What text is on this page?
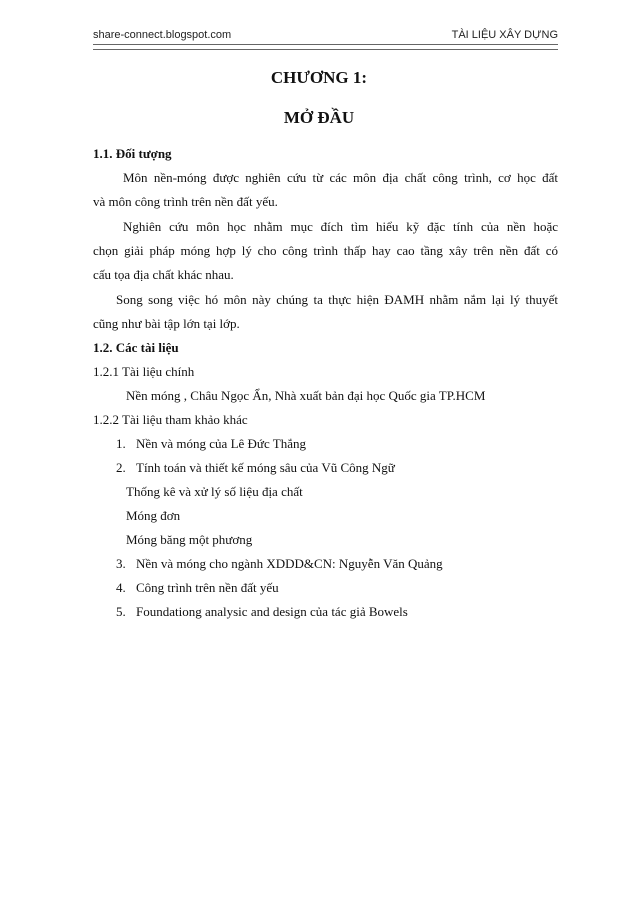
share-connect.blogspot.com	TÀI LIỆU XÂY DỰNG
CHƯƠNG 1:
MỞ ĐẦU
1.1. Đối tượng
Môn nền-móng được nghiên cứu từ các môn địa chất công trình, cơ học đất
và môn công trình trên nền đất yếu.
Nghiên cứu môn học nhằm mục đích tìm hiểu kỹ đặc tính của nền hoặc
chọn giải pháp móng hợp lý cho công trình thấp hay cao tầng xây trên nền đất có
cấu tọa địa chất khác nhau.
Song song việc hó môn này chúng ta thực hiện ĐAMH nhằm nắm lại lý thuyết
cũng như bài tập lớn tại lớp.
1.2. Các tài liệu
1.2.1 Tài liệu chính
Nền móng , Châu Ngọc Ẩn, Nhà xuất bản đại học Quốc gia TP.HCM
1.2.2 Tài liệu tham khảo khác
1. Nền và móng của Lê Đức Thắng
2. Tính toán và thiết kế móng sâu của Vũ Công Ngữ
Thống kê và xử lý số liệu địa chất
Móng đơn
Móng băng một phương
3. Nền và móng cho ngành XDDD&CN: Nguyễn Văn Quảng
4. Công trình trên nền đất yếu
5. Foundationg analysic and design của tác giả Bowels
